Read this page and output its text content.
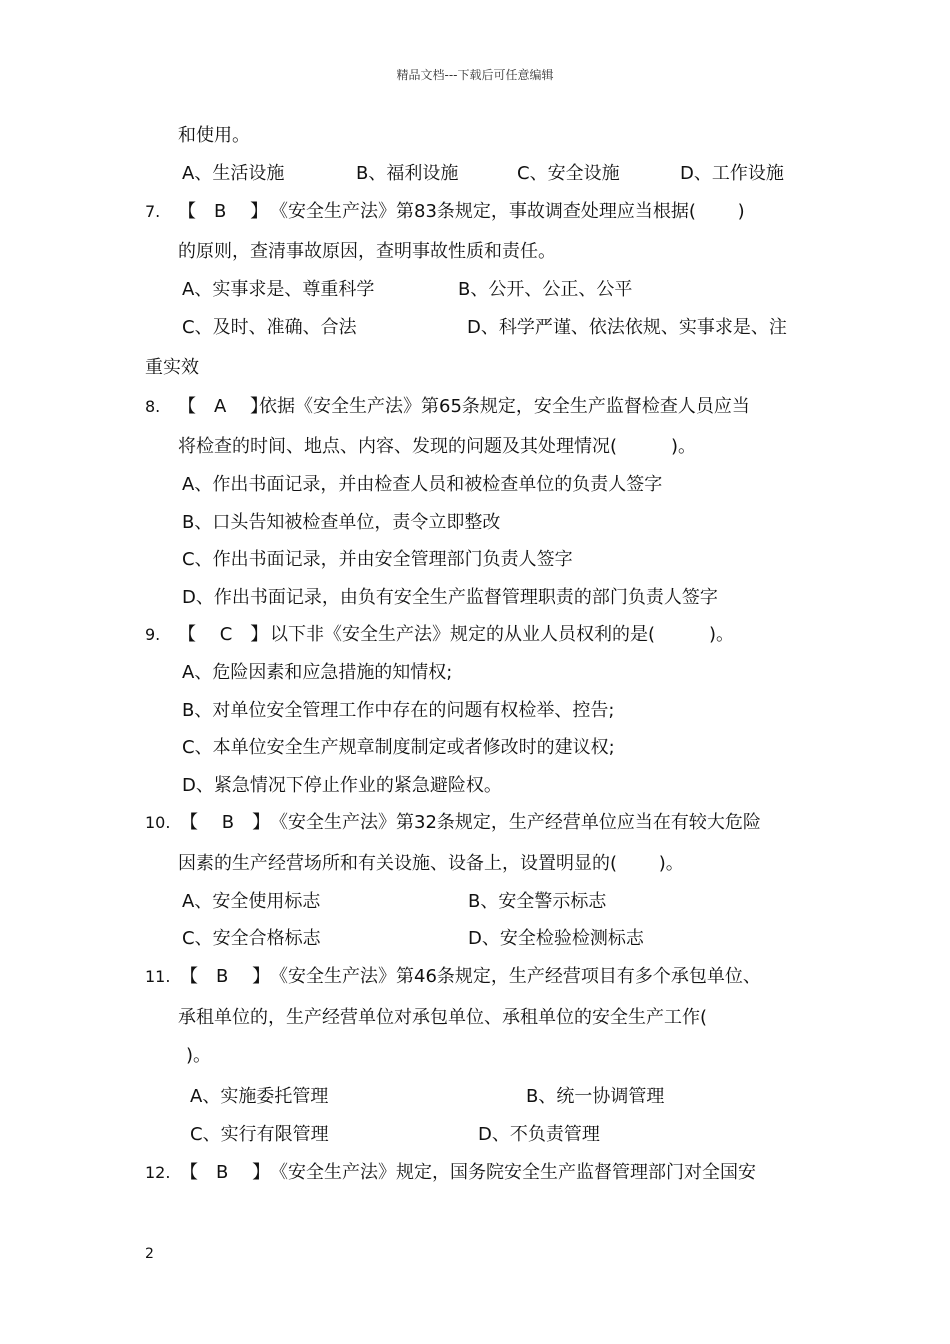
精品文档---下载后可任意编辑
和使用。
A、生活设施	B、福利设施	C、安全设施	D、工作设施
7. 【　B　 】 《安全生产法》第83条规定，事故调查处理应当根据(　　 )
的原则，查清事故原因，查明事故性质和责任。
A、实事求是、尊重科学	B、公开、公正、公平
C、及时、准确、合法	D、科学严谨、依法依规、实事求是、注
重实效
8. 【　A　 】
依据《安全生产法》第65条规定，安全生产监督检查人员应当
将检查的时间、地点、内容、发现的问题及其处理情况(　　　)。
A、作出书面记录，并由检查人员和被检查单位的负责人签字
B、口头告知被检查单位，责令立即整改
C、作出书面记录，并由安全管理部门负责人签字
D、作出书面记录，由负有安全生产监督管理职责的部门负责人签字
9. 【　 C　】 以下非《安全生产法》规定的从业人员权利的是(　　　)。
A、危险因素和应急措施的知情权;
B、对单位安全管理工作中存在的问题有权检举、控告;
C、本单位安全生产规章制度制定或者修改时的建议权;
D、紧急情况下停止作业的紧急避险权。
10. 【　 B　】 《安全生产法》第32条规定，生产经营单位应当在有较大危险
因素的生产经营场所和有关设施、设备上，设置明显的(　　 )。
A、安全使用标志	B、安全警示标志
C、安全合格标志	D、安全检验检测标志
11. 【　B　 】 《安全生产法》第46条规定，生产经营项目有多个承包单位、
承租单位的，生产经营单位对承包单位、承租单位的安全生产工作(
)。
A、实施委托管理	B、统一协调管理
C、实行有限管理	D、不负责管理
12. 【　B　 】 《安全生产法》规定，国务院安全生产监督管理部门对全国安
2
